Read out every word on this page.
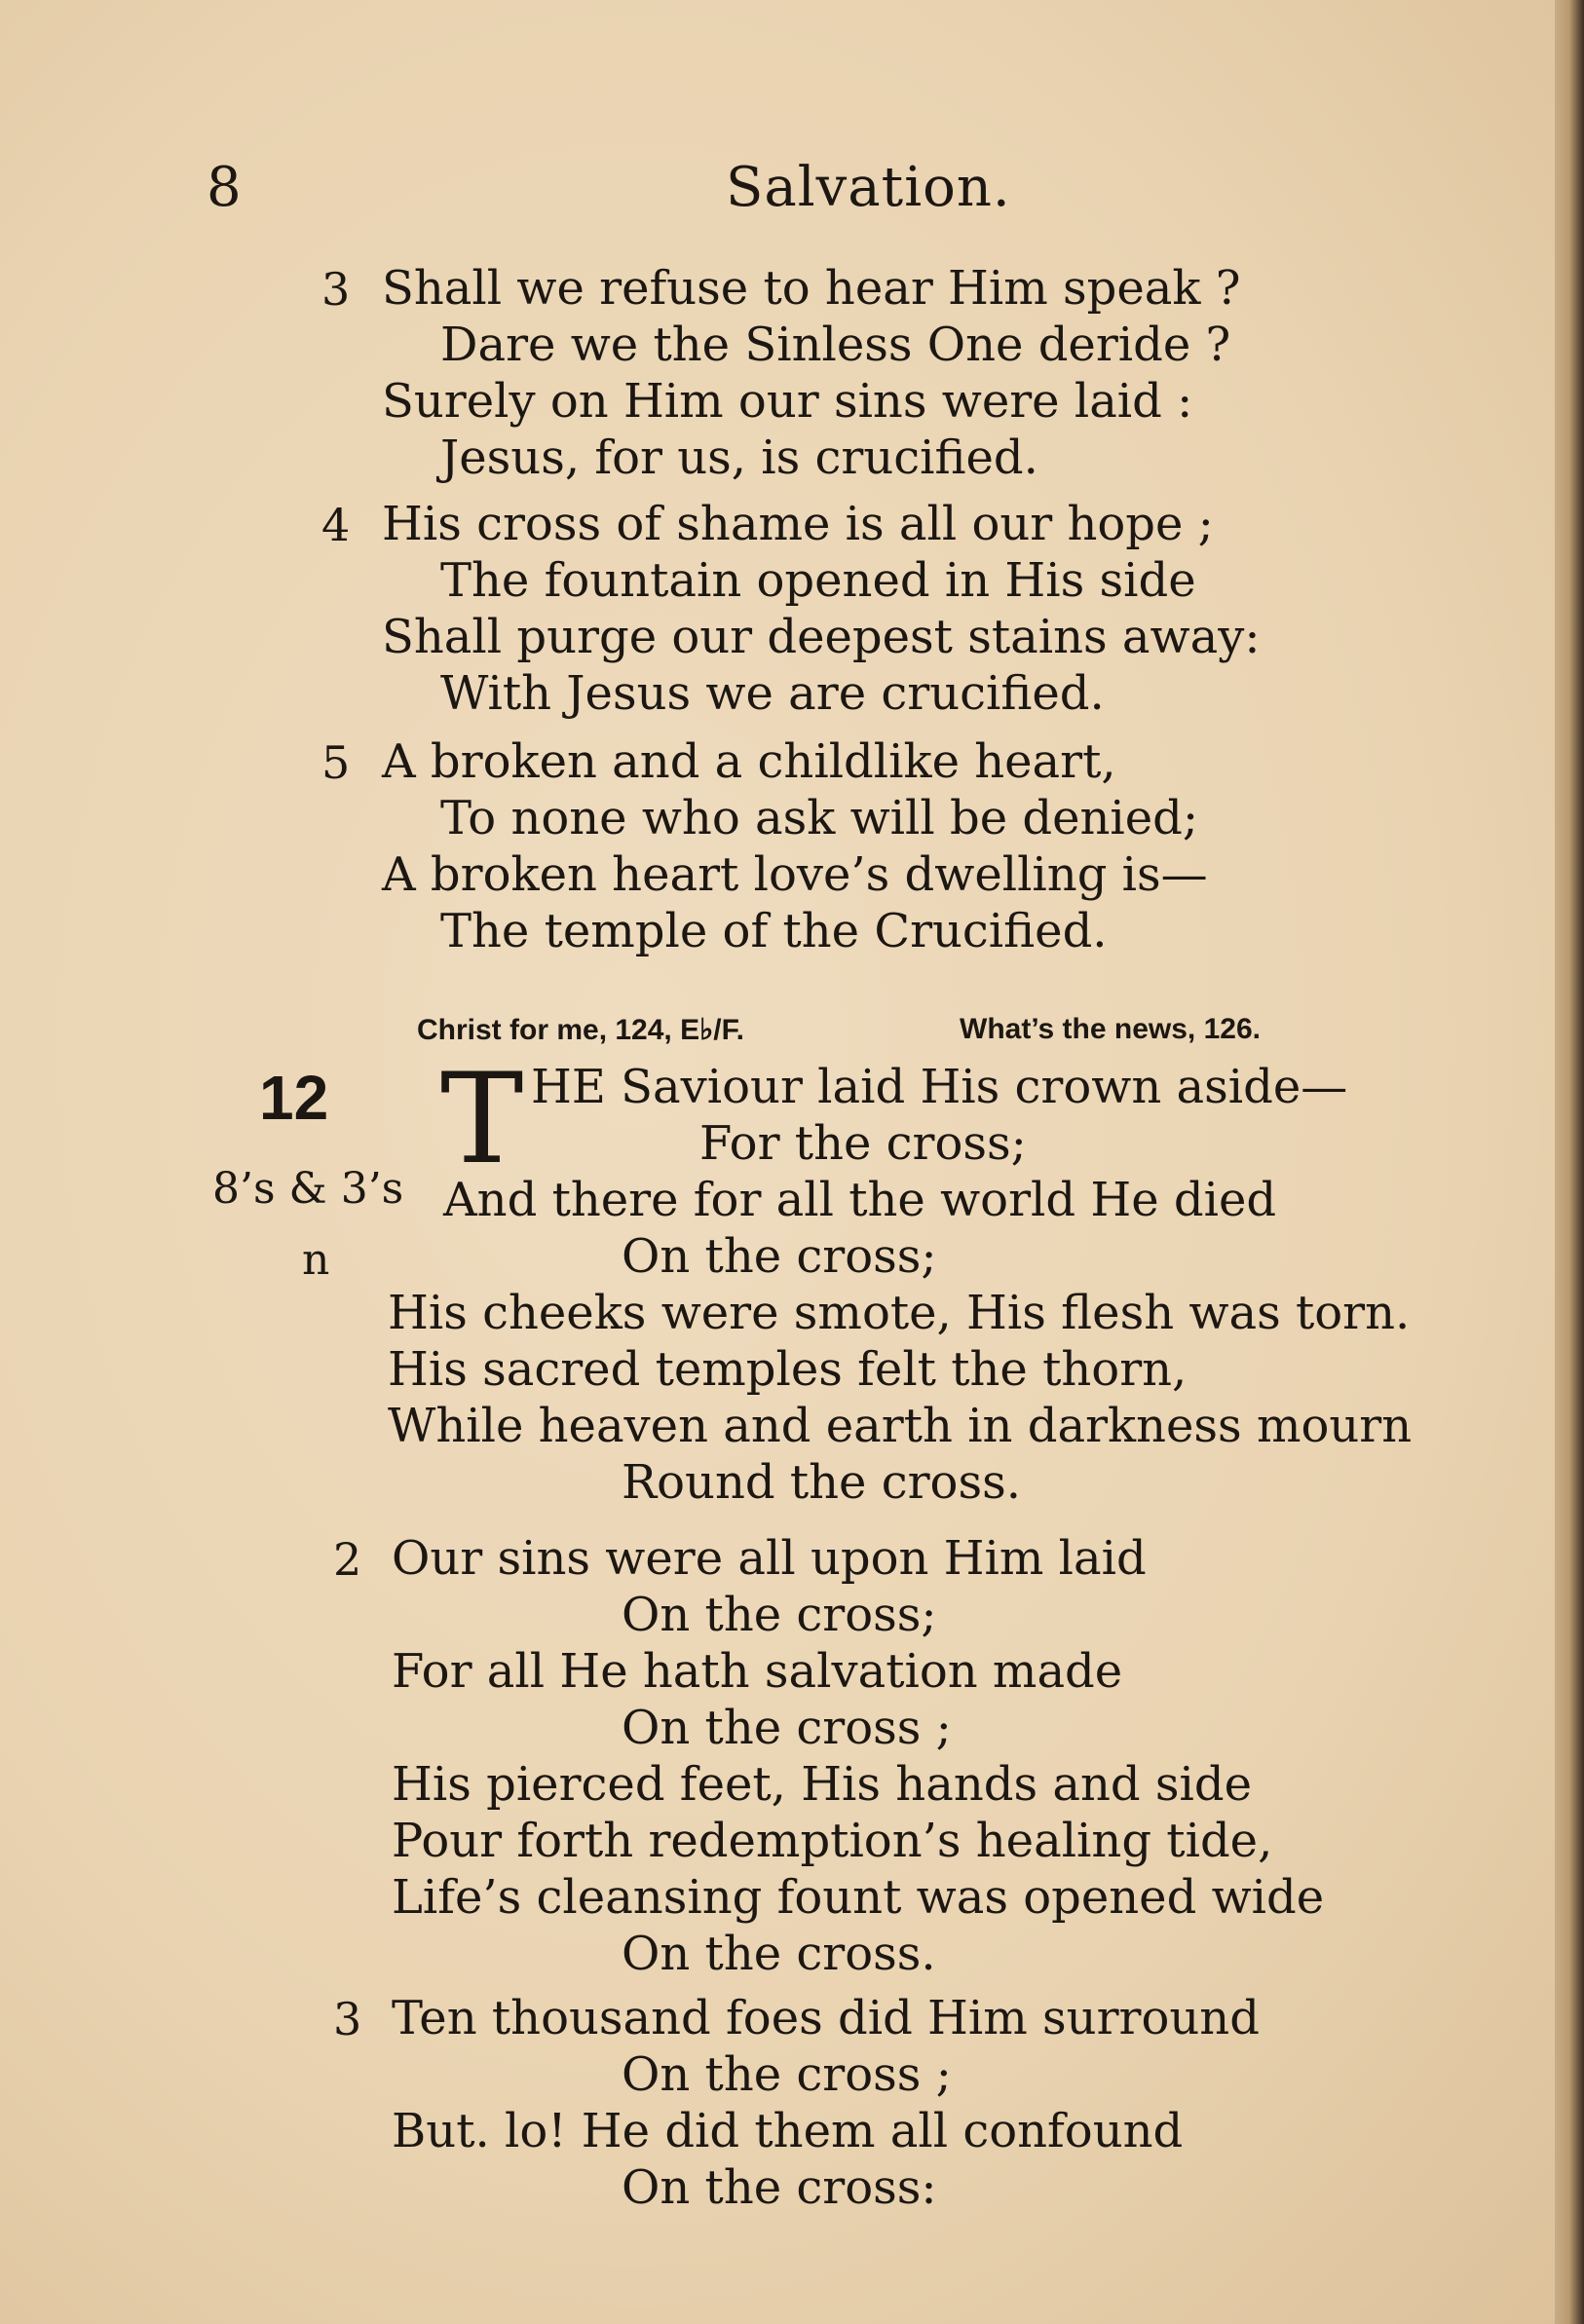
8	Salvation.
3 Shall we refuse to hear Him speak ?
Dare we the Sinless One deride ?
Surely on Him our sins were laid :
Jesus, for us, is crucified.
4 His cross of shame is all our hope ;
The fountain opened in His side
Shall purge our deepest stains away:
With Jesus we are crucified.
5 A broken and a childlike heart,
To none who ask will be denied;
A broken heart love’s dwelling is—
The temple of the Crucified.
Christ for me, 124, E♭/F.	What’s the news, 126.
12
8’s & 3’s
n
T HE Saviour laid His crown aside—
For the cross;
And there for all the world He died
On the cross;
His cheeks were smote, His flesh was torn.
His sacred temples felt the thorn,
While heaven and earth in darkness mourn
Round the cross.
2 Our sins were all upon Him laid
On the cross;
For all He hath salvation made
On the cross ;
His pierced feet, His hands and side
Pour forth redemption’s healing tide,
Life’s cleansing fount was opened wide
On the cross.
3 Ten thousand foes did Him surround
On the cross ;
But. lo! He did them all confound
On the cross:
